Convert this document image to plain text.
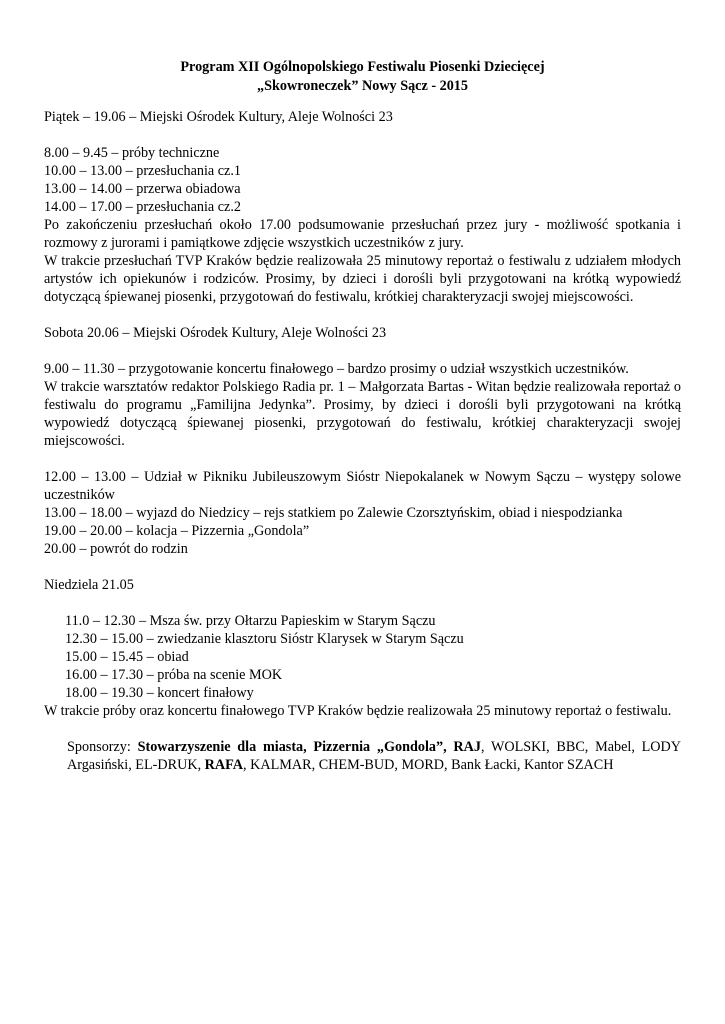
Program XII Ogólnopolskiego Festiwalu Piosenki Dziecięcej
„Skowroneczek” Nowy Sącz - 2015

Piątek – 19.06 – Miejski Ośrodek Kultury, Aleje Wolności 23

8.00 – 9.45 – próby techniczne

10.00 – 13.00 – przesłuchania cz.1

13.00 – 14.00 – przerwa obiadowa

14.00 – 17.00 – przesłuchania cz.2

Po zakończeniu przesłuchań około 17.00 podsumowanie przesłuchań przez jury - możliwość spotkania i rozmowy z jurorami i pamiątkowe zdjęcie wszystkich uczestników z jury.

W trakcie przesłuchań TVP Kraków będzie realizowała 25 minutowy reportaż o festiwalu z udziałem młodych artystów ich opiekunów i rodziców. Prosimy, by dzieci i dorośli byli przygotowani na krótką wypowiedź dotyczącą śpiewanej piosenki, przygotowań do festiwalu, krótkiej charakteryzacji swojej miejscowości.

Sobota 20.06 – Miejski Ośrodek Kultury, Aleje Wolności 23

9.00 – 11.30 – przygotowanie koncertu finałowego – bardzo prosimy o udział wszystkich uczestników.

W trakcie warsztatów redaktor Polskiego Radia pr. 1 – Małgorzata Bartas - Witan będzie realizowała reportaż o festiwalu do programu „Familijna Jedynka”. Prosimy, by dzieci i dorośli byli przygotowani na krótką wypowiedź dotyczącą śpiewanej piosenki, przygotowań do festiwalu, krótkiej charakteryzacji swojej miejscowości.

12.00 – 13.00 – Udział w Pikniku Jubileuszowym Sióstr Niepokalanek w Nowym Sączu – występy solowe uczestników

13.00 – 18.00 – wyjazd do Niedzicy – rejs statkiem po Zalewie Czorsztyńskim, obiad i niespodzianka

19.00 – 20.00 – kolacja – Pizzernia „Gondola”

20.00 – powrót do rodzin

Niedziela 21.05

11.0 – 12.30 – Msza św. przy Ołtarzu Papieskim w Starym Sączu

12.30 – 15.00 – zwiedzanie klasztoru Sióstr Klarysek w Starym Sączu

15.00 – 15.45 – obiad

16.00 – 17.30 – próba na scenie MOK

18.00 – 19.30 – koncert finałowy

W trakcie próby oraz koncertu finałowego TVP Kraków będzie realizowała 25 minutowy reportaż o festiwalu.

Sponsorzy: Stowarzyszenie dla miasta, Pizzernia „Gondola”, RAJ, WOLSKI, BBC, Mabel, LODY Argasiński, EL-DRUK, RAFA, KALMAR, CHEM-BUD, MORD, Bank Łacki, Kantor SZACH
